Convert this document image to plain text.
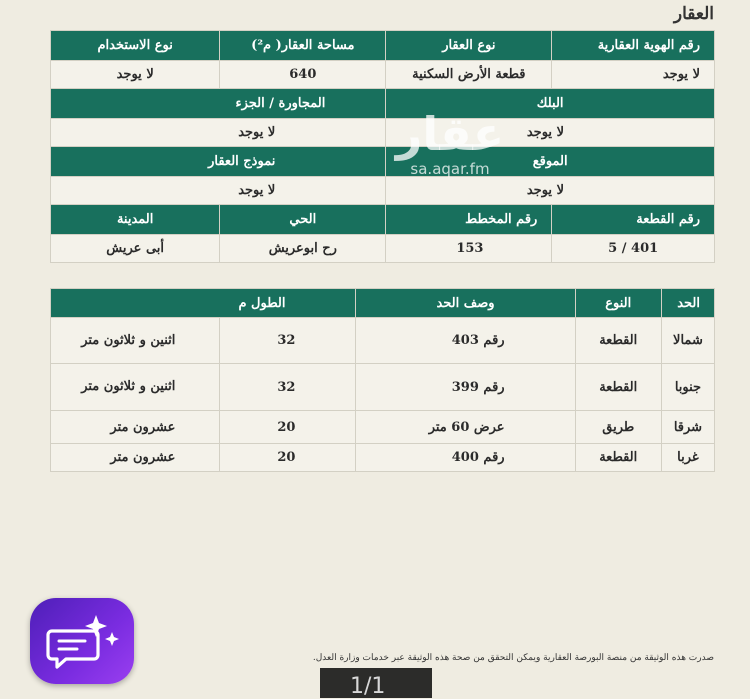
العقار
رقم الهوية العقارية	نوع العقار	مساحة العقار( م²)	نوع الاستخدام
لا يوجد	قطعة الأرض السكنية	640	لا يوجد
البلك		المجاورة / الجزء	
لا يوجد		لا يوجد	
الموقع		نموذج العقار	
لا يوجد		لا يوجد	
رقم القطعة	رقم المخطط	الحي	المدينة
5 / 401	153	رح ابوعريش	أبى عريش
الحد	النوع	وصف الحد	الطول م	
شمالا	القطعة	رقم 403	32	اثنين و ثلاثون متر
جنوبا	القطعة	رقم 399	32	اثنين و ثلاثون متر
شرقا	طريق	عرض 60 متر	20	عشرون متر
غربا	القطعة	رقم 400	20	عشرون متر
عقار
sa.aqar.fm
صدرت هذه الوثيقة من منصة البورصة العقارية ويمكن التحقق من صحة هذه الوثيقة عبر خدمات وزارة العدل.
1/1
